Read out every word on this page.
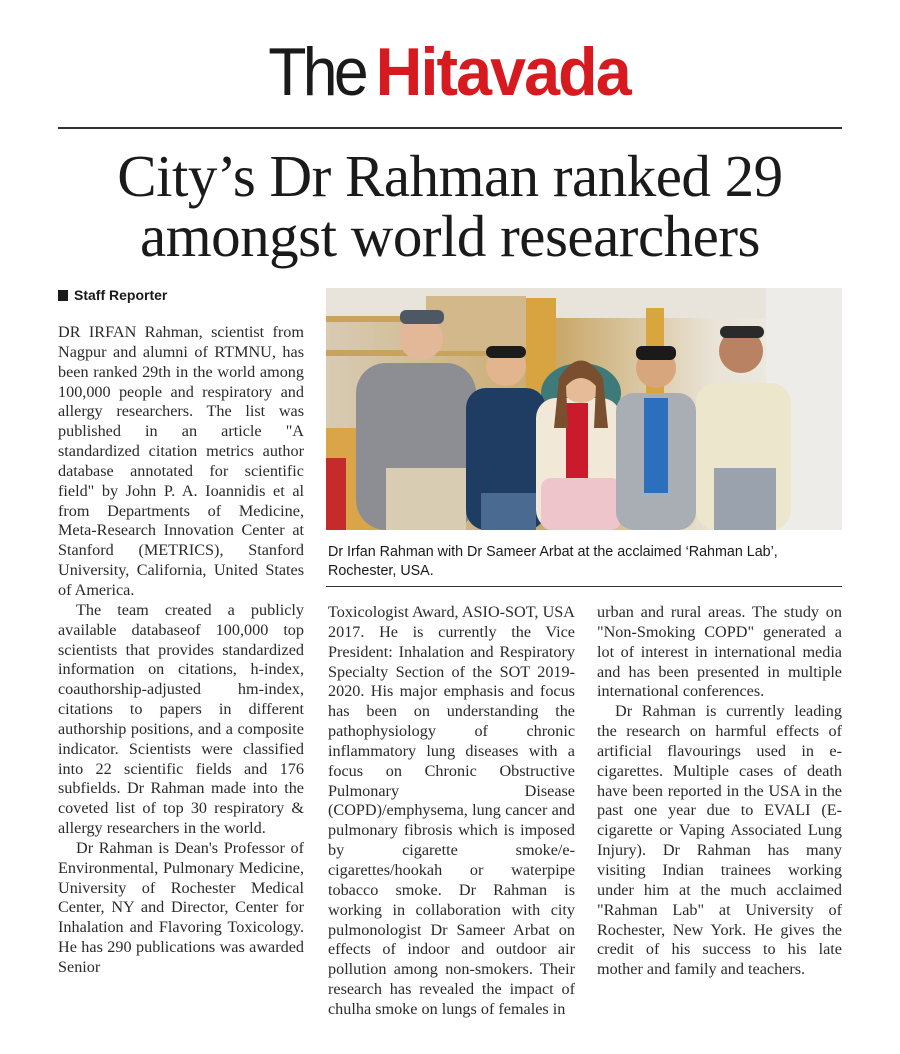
The Hitavada
City’s Dr Rahman ranked 29
amongst world researchers
Staff Reporter

DR IRFAN Rahman, scientist from Nagpur and alumni of RTMNU, has been ranked 29th in the world among 100,000 people and respiratory and allergy researchers. The list was published in an article "A standardized citation metrics author database annotated for scientific field" by John P. A. Ioannidis et al from Departments of Medicine, Meta-Research Innovation Center at Stanford (METRICS), Stanford University, California, United States of America.

The team created a publicly available databaseof 100,000 top scientists that provides standardized information on citations, h-index, coauthorship-adjusted hm-index, citations to papers in different authorship positions, and a composite indicator. Scientists were classified into 22 scientific fields and 176 subfields. Dr Rahman made into the coveted list of top 30 respiratory & allergy researchers in the world.

Dr Rahman is Dean's Professor of Environmental, Pulmonary Medicine, University of Rochester Medical Center, NY and Director, Center for Inhalation and Flavoring Toxicology. He has 290 publications was awarded Senior

Dr Irfan Rahman with Dr Sameer Arbat at the acclaimed ‘Rahman Lab’, Rochester, USA.

Toxicologist Award, ASIO-SOT, USA 2017. He is currently the Vice President: Inhalation and Respiratory Specialty Section of the SOT 2019-2020. His major emphasis and focus has been on understanding the pathophysiology of chronic inflammatory lung diseases with a focus on Chronic Obstructive Pulmonary Disease (COPD)/emphysema, lung cancer and pulmonary fibrosis which is imposed by cigarette smoke/e-cigarettes/hookah or waterpipe tobacco smoke. Dr Rahman is working in collaboration with city pulmonologist Dr Sameer Arbat on effects of indoor and outdoor air pollution among non-smokers. Their research has revealed the impact of chulha smoke on lungs of females in

urban and rural areas. The study on "Non-Smoking COPD" generated a lot of interest in international media and has been presented in multiple international conferences.

Dr Rahman is currently leading the research on harmful effects of artificial flavourings used in e-cigarettes. Multiple cases of death have been reported in the USA in the past one year due to EVALI (E-cigarette or Vaping Associated Lung Injury). Dr Rahman has many visiting Indian trainees working under him at the much acclaimed "Rahman Lab" at University of Rochester, New York. He gives the credit of his success to his late mother and family and teachers.
